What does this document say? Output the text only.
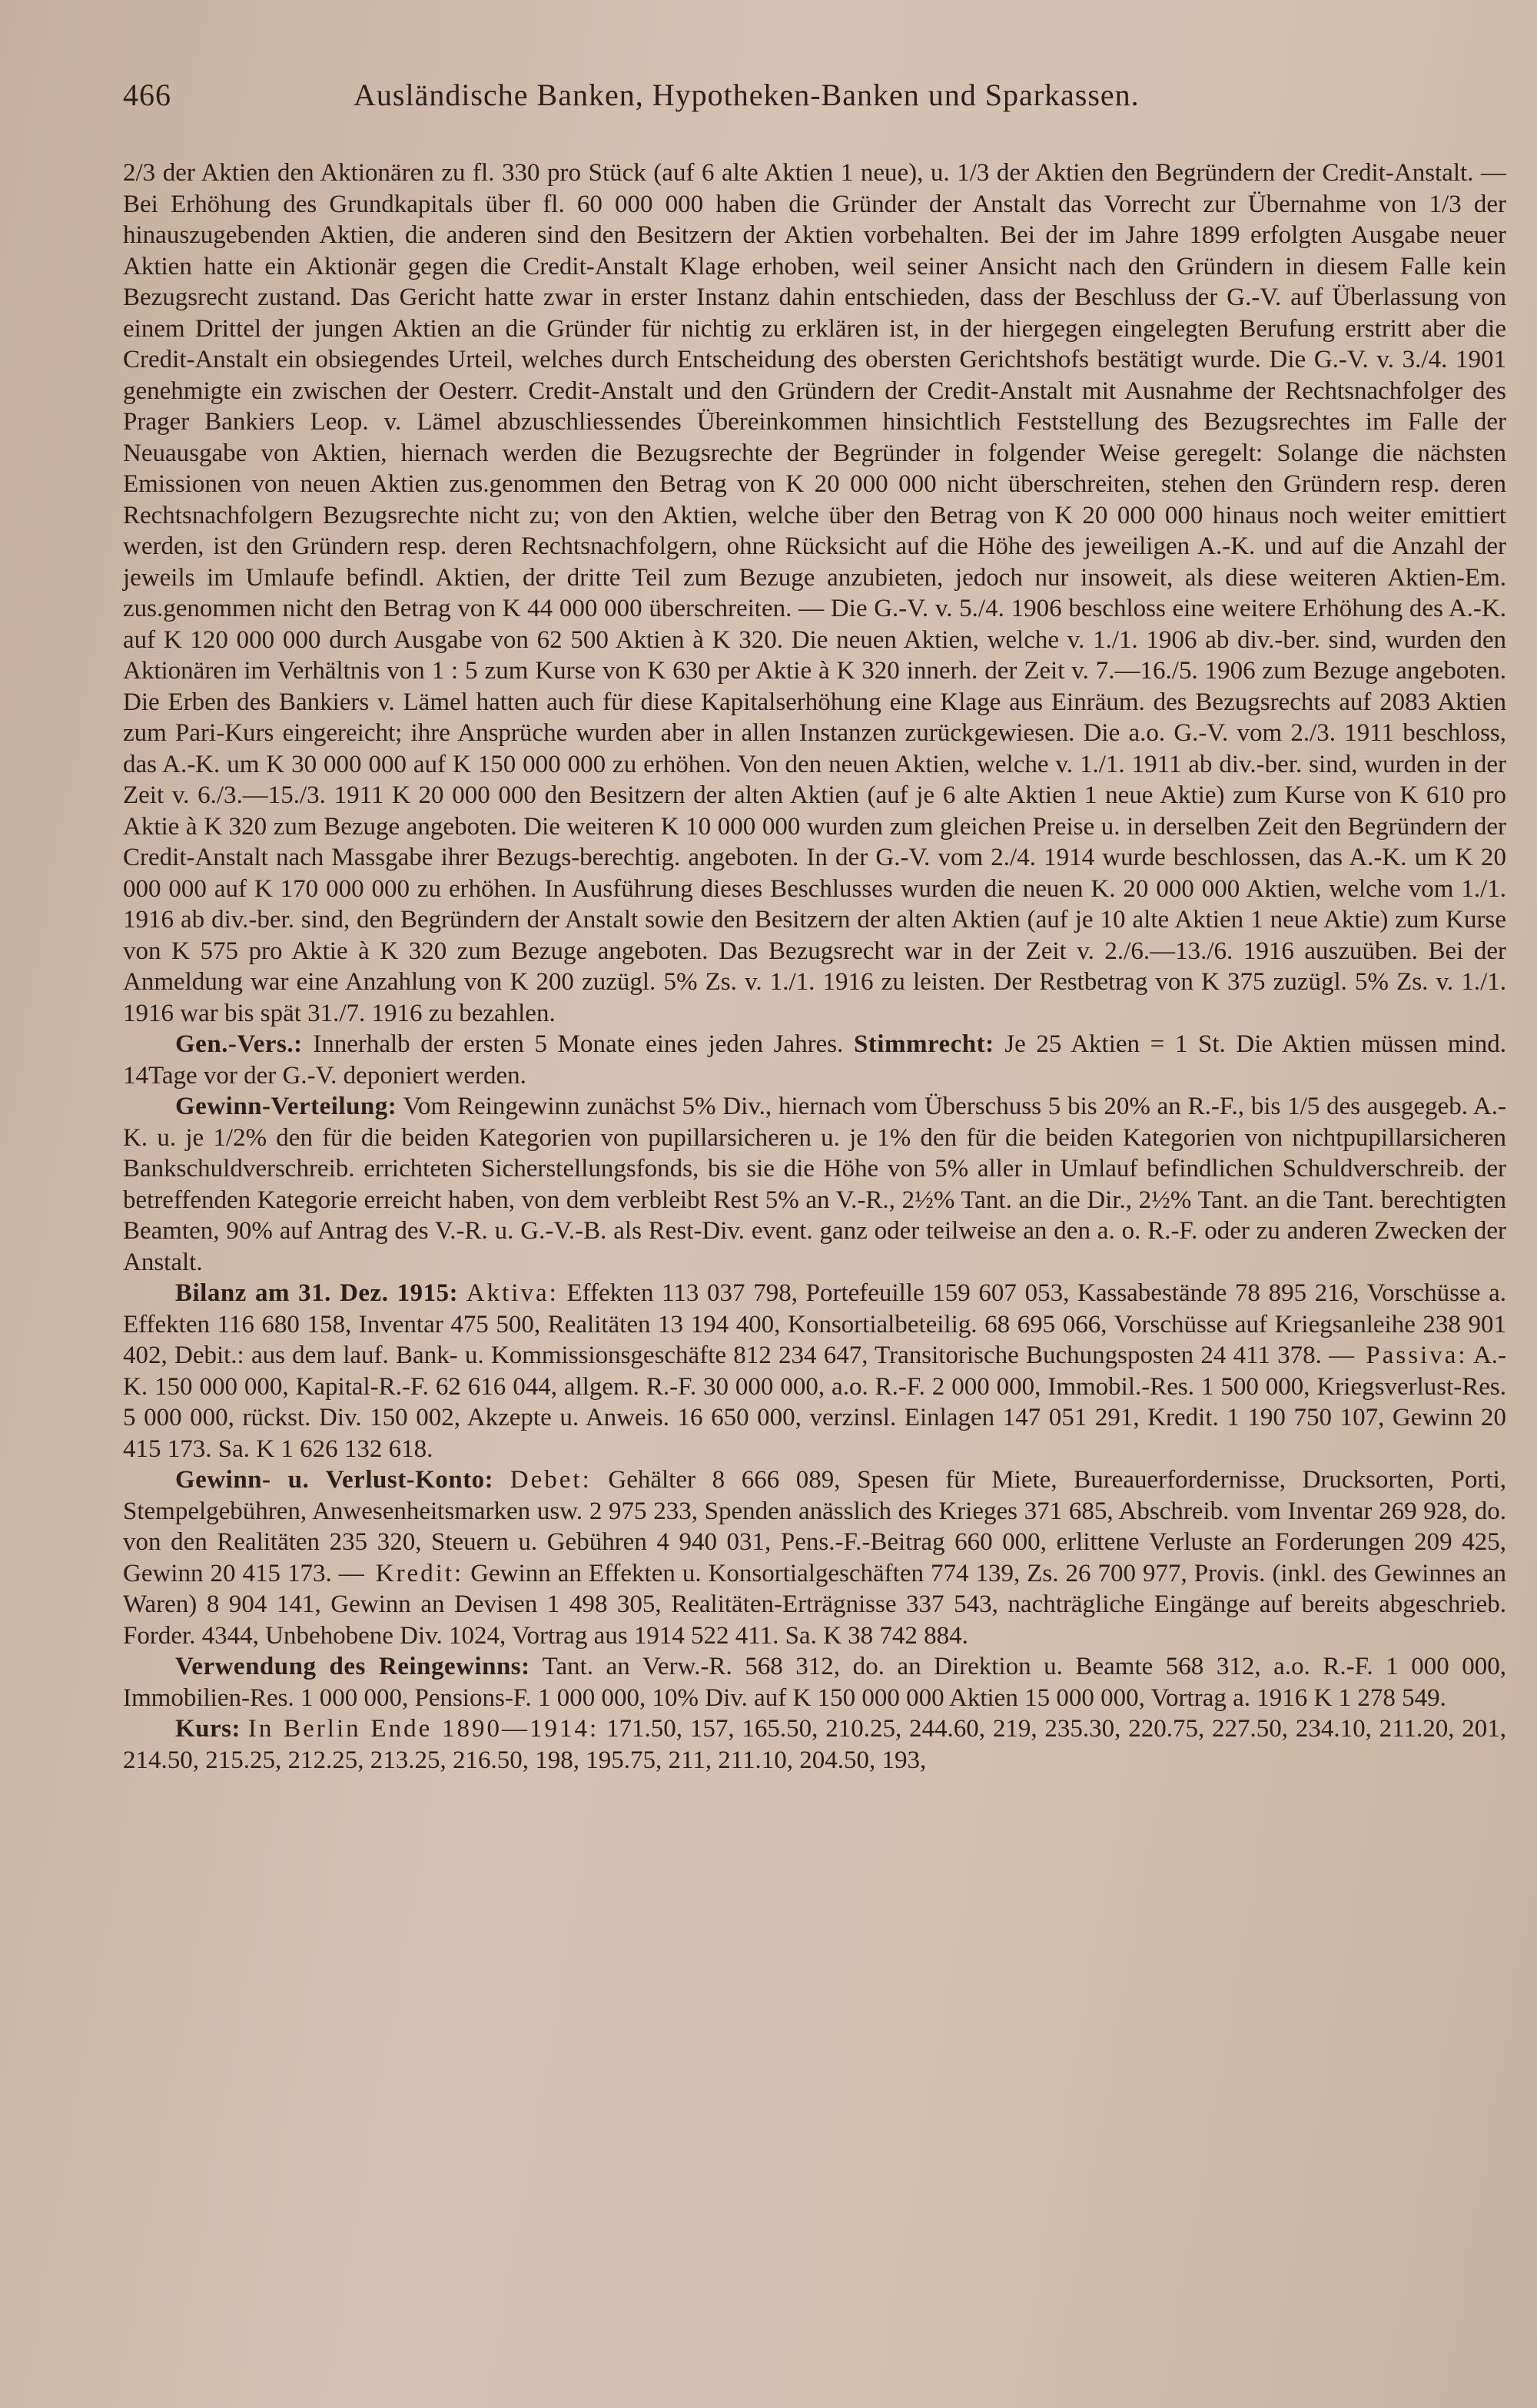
466	Ausländische Banken, Hypotheken-Banken und Sparkassen.

2/3 der Aktien den Aktionären zu fl. 330 pro Stück (auf 6 alte Aktien 1 neue), u. 1/3 der Aktien den Begründern der Credit-Anstalt. — Bei Erhöhung des Grundkapitals über fl. 60 000 000 haben die Gründer der Anstalt das Vorrecht zur Übernahme von 1/3 der hinauszugebenden Aktien, die anderen sind den Besitzern der Aktien vorbehalten. Bei der im Jahre 1899 erfolgten Ausgabe neuer Aktien hatte ein Aktionär gegen die Credit-Anstalt Klage erhoben, weil seiner Ansicht nach den Gründern in diesem Falle kein Bezugsrecht zustand. Das Gericht hatte zwar in erster Instanz dahin entschieden, dass der Beschluss der G.-V. auf Überlassung von einem Drittel der jungen Aktien an die Gründer für nichtig zu erklären ist, in der hiergegen eingelegten Berufung erstritt aber die Credit-Anstalt ein obsiegendes Urteil, welches durch Entscheidung des obersten Gerichtshofs bestätigt wurde. Die G.-V. v. 3./4. 1901 genehmigte ein zwischen der Oesterr. Credit-Anstalt und den Gründern der Credit-Anstalt mit Ausnahme der Rechtsnachfolger des Prager Bankiers Leop. v. Lämel abzuschliessendes Übereinkommen hinsichtlich Feststellung des Bezugsrechtes im Falle der Neuausgabe von Aktien, hiernach werden die Bezugsrechte der Begründer in folgender Weise geregelt: Solange die nächsten Emissionen von neuen Aktien zus.genommen den Betrag von K 20 000 000 nicht überschreiten, stehen den Gründern resp. deren Rechtsnachfolgern Bezugsrechte nicht zu; von den Aktien, welche über den Betrag von K 20 000 000 hinaus noch weiter emittiert werden, ist den Gründern resp. deren Rechtsnachfolgern, ohne Rücksicht auf die Höhe des jeweiligen A.-K. und auf die Anzahl der jeweils im Umlaufe befindl. Aktien, der dritte Teil zum Bezuge anzubieten, jedoch nur insoweit, als diese weiteren Aktien-Em. zus.genommen nicht den Betrag von K 44 000 000 überschreiten. — Die G.-V. v. 5./4. 1906 beschloss eine weitere Erhöhung des A.-K. auf K 120 000 000 durch Ausgabe von 62 500 Aktien à K 320. Die neuen Aktien, welche v. 1./1. 1906 ab div.-ber. sind, wurden den Aktionären im Verhältnis von 1 : 5 zum Kurse von K 630 per Aktie à K 320 innerh. der Zeit v. 7.—16./5. 1906 zum Bezuge angeboten. Die Erben des Bankiers v. Lämel hatten auch für diese Kapitalserhöhung eine Klage aus Einräum. des Bezugsrechts auf 2083 Aktien zum Pari-Kurs eingereicht; ihre Ansprüche wurden aber in allen Instanzen zurückgewiesen. Die a.o. G.-V. vom 2./3. 1911 beschloss, das A.-K. um K 30 000 000 auf K 150 000 000 zu erhöhen. Von den neuen Aktien, welche v. 1./1. 1911 ab div.-ber. sind, wurden in der Zeit v. 6./3.—15./3. 1911 K 20 000 000 den Besitzern der alten Aktien (auf je 6 alte Aktien 1 neue Aktie) zum Kurse von K 610 pro Aktie à K 320 zum Bezuge angeboten. Die weiteren K 10 000 000 wurden zum gleichen Preise u. in derselben Zeit den Begründern der Credit-Anstalt nach Massgabe ihrer Bezugs-berechtig. angeboten. In der G.-V. vom 2./4. 1914 wurde beschlossen, das A.-K. um K 20 000 000 auf K 170 000 000 zu erhöhen. In Ausführung dieses Beschlusses wurden die neuen K. 20 000 000 Aktien, welche vom 1./1. 1916 ab div.-ber. sind, den Begründern der Anstalt sowie den Besitzern der alten Aktien (auf je 10 alte Aktien 1 neue Aktie) zum Kurse von K 575 pro Aktie à K 320 zum Bezuge angeboten. Das Bezugsrecht war in der Zeit v. 2./6.—13./6. 1916 auszuüben. Bei der Anmeldung war eine Anzahlung von K 200 zuzügl. 5% Zs. v. 1./1. 1916 zu leisten. Der Restbetrag von K 375 zuzügl. 5% Zs. v. 1./1. 1916 war bis spät 31./7. 1916 zu bezahlen.

Gen.-Vers.: Innerhalb der ersten 5 Monate eines jeden Jahres. Stimmrecht: Je 25 Aktien = 1 St. Die Aktien müssen mind. 14Tage vor der G.-V. deponiert werden.

Gewinn-Verteilung: Vom Reingewinn zunächst 5% Div., hiernach vom Überschuss 5 bis 20% an R.-F., bis 1/5 des ausgegeb. A.-K. u. je 1/2% den für die beiden Kategorien von pupillarsicheren u. je 1% den für die beiden Kategorien von nichtpupillarsicheren Bankschuldverschreib. errichteten Sicherstellungsfonds, bis sie die Höhe von 5% aller in Umlauf befindlichen Schuldverschreib. der betreffenden Kategorie erreicht haben, von dem verbleibt Rest 5% an V.-R., 2½% Tant. an die Dir., 2½% Tant. an die Tant. berechtigten Beamten, 90% auf Antrag des V.-R. u. G.-V.-B. als Rest-Div. event. ganz oder teilweise an den a. o. R.-F. oder zu anderen Zwecken der Anstalt.

Bilanz am 31. Dez. 1915: Aktiva: Effekten 113 037 798, Portefeuille 159 607 053, Kassabestände 78 895 216, Vorschüsse a. Effekten 116 680 158, Inventar 475 500, Realitäten 13 194 400, Konsortialbeteilig. 68 695 066, Vorschüsse auf Kriegsanleihe 238 901 402, Debit.: aus dem lauf. Bank- u. Kommissionsgeschäfte 812 234 647, Transitorische Buchungsposten 24 411 378. — Passiva: A.-K. 150 000 000, Kapital-R.-F. 62 616 044, allgem. R.-F. 30 000 000, a.o. R.-F. 2 000 000, Immobil.-Res. 1 500 000, Kriegsverlust-Res. 5 000 000, rückst. Div. 150 002, Akzepte u. Anweis. 16 650 000, verzinsl. Einlagen 147 051 291, Kredit. 1 190 750 107, Gewinn 20 415 173. Sa. K 1 626 132 618.

Gewinn- u. Verlust-Konto: Debet: Gehälter 8 666 089, Spesen für Miete, Bureauerfordernisse, Drucksorten, Porti, Stempelgebühren, Anwesenheitsmarken usw. 2 975 233, Spenden anässlich des Krieges 371 685, Abschreib. vom Inventar 269 928, do. von den Realitäten 235 320, Steuern u. Gebühren 4 940 031, Pens.-F.-Beitrag 660 000, erlittene Verluste an Forderungen 209 425, Gewinn 20 415 173. — Kredit: Gewinn an Effekten u. Konsortialgeschäften 774 139, Zs. 26 700 977, Provis. (inkl. des Gewinnes an Waren) 8 904 141, Gewinn an Devisen 1 498 305, Realitäten-Erträgnisse 337 543, nachträgliche Eingänge auf bereits abgeschrieb. Forder. 4344, Unbehobene Div. 1024, Vortrag aus 1914 522 411. Sa. K 38 742 884.

Verwendung des Reingewinns: Tant. an Verw.-R. 568 312, do. an Direktion u. Beamte 568 312, a.o. R.-F. 1 000 000, Immobilien-Res. 1 000 000, Pensions-F. 1 000 000, 10% Div. auf K 150 000 000 Aktien 15 000 000, Vortrag a. 1916 K 1 278 549.

Kurs: In Berlin Ende 1890—1914: 171.50, 157, 165.50, 210.25, 244.60, 219, 235.30, 220.75, 227.50, 234.10, 211.20, 201, 214.50, 215.25, 212.25, 213.25, 216.50, 198, 195.75, 211, 211.10, 204.50, 193,
